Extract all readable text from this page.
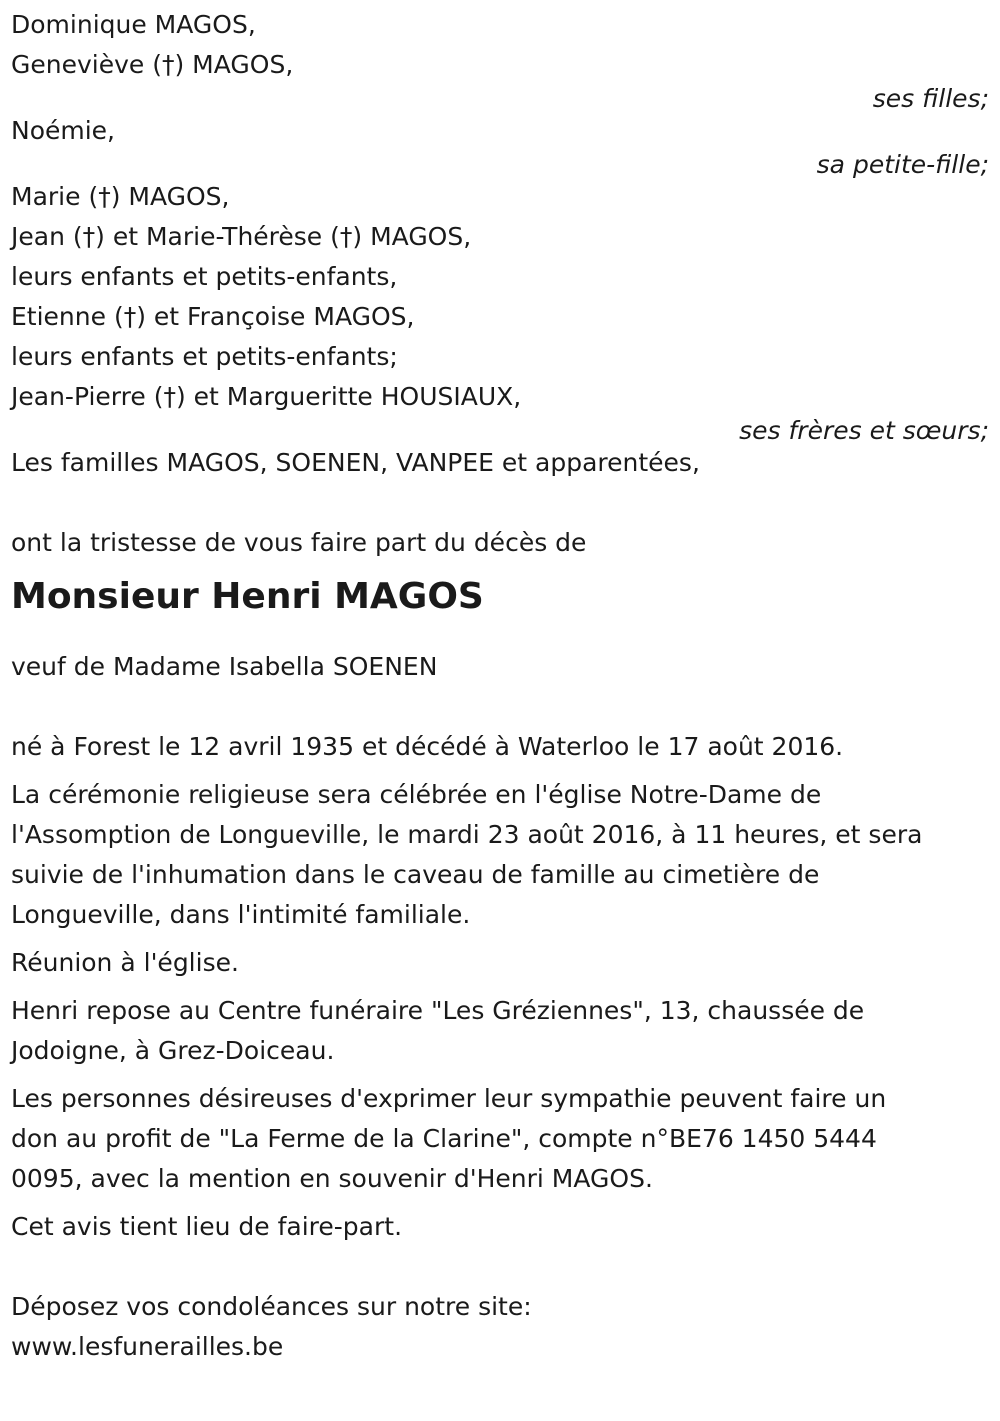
Dominique MAGOS,
Geneviève (†) MAGOS,
ses filles;
Noémie,
sa petite-fille;
Marie (†) MAGOS,
Jean (†) et Marie-Thérèse (†) MAGOS,
leurs enfants et petits-enfants,
Etienne (†) et Françoise MAGOS,
leurs enfants et petits-enfants;
Jean-Pierre (†) et Margueritte HOUSIAUX,
ses frères et sœurs;
Les familles MAGOS, SOENEN, VANPEE et apparentées,
ont la tristesse de vous faire part du décès de
Monsieur Henri MAGOS
veuf de Madame Isabella SOENEN
né à Forest le 12 avril 1935 et décédé à Waterloo le 17 août 2016.
La cérémonie religieuse sera célébrée en l'église Notre-Dame de
l'Assomption de Longueville, le mardi 23 août 2016, à 11 heures, et sera
suivie de l'inhumation dans le caveau de famille au cimetière de
Longueville, dans l'intimité familiale.
Réunion à l'église.
Henri repose au Centre funéraire "Les Gréziennes", 13, chaussée de
Jodoigne, à Grez-Doiceau.
Les personnes désireuses d'exprimer leur sympathie peuvent faire un
don au profit de "La Ferme de la Clarine", compte n°BE76 1450 5444
0095, avec la mention en souvenir d'Henri MAGOS.
Cet avis tient lieu de faire-part.
Déposez vos condoléances sur notre site:
www.lesfunerailles.be
